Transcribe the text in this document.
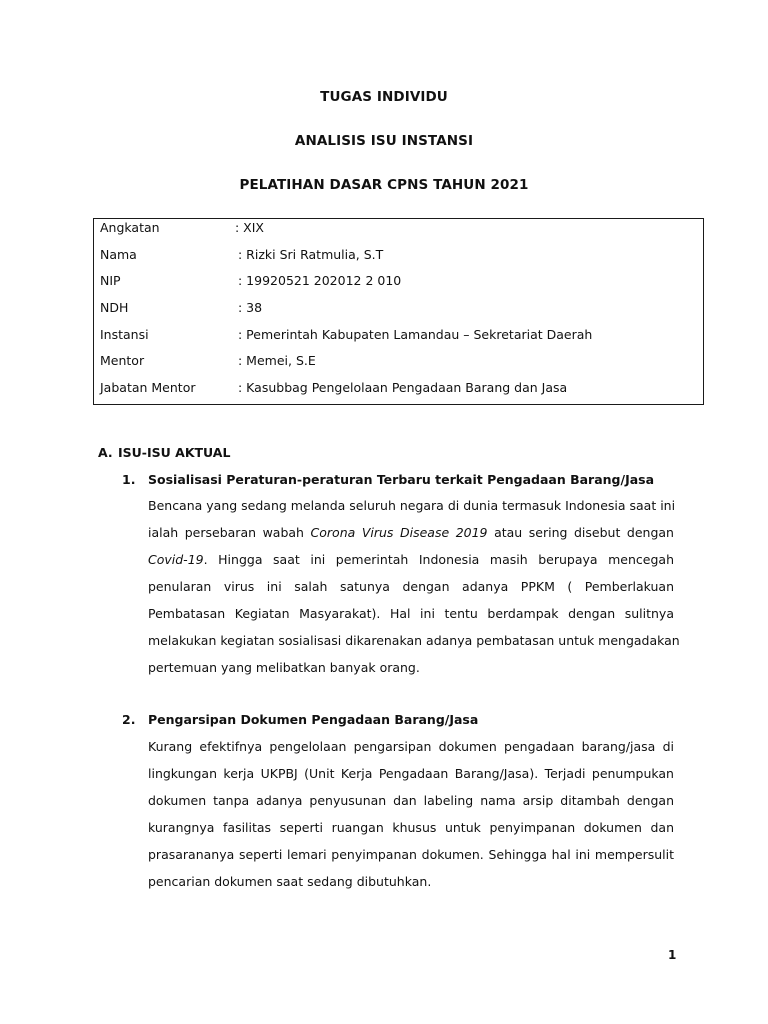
TUGAS INDIVIDU
ANALISIS ISU INSTANSI
PELATIHAN DASAR CPNS TAHUN 2021
Angkatan	: XIX
Nama	: Rizki Sri Ratmulia, S.T
NIP	: 19920521 202012 2 010
NDH	: 38
Instansi	: Pemerintah Kabupaten Lamandau – Sekretariat Daerah
Mentor	: Memei, S.E
Jabatan Mentor	: Kasubbag Pengelolaan Pengadaan Barang dan Jasa
A. ISU-ISU AKTUAL
1. Sosialisasi Peraturan-peraturan Terbaru terkait Pengadaan Barang/Jasa
Bencana yang sedang melanda seluruh negara di dunia termasuk Indonesia saat ini
ialah persebaran wabah Corona Virus Disease 2019 atau sering disebut dengan
Covid-19. Hingga saat ini pemerintah Indonesia masih berupaya mencegah
penularan virus ini salah satunya dengan adanya PPKM ( Pemberlakuan
Pembatasan Kegiatan Masyarakat). Hal ini tentu berdampak dengan sulitnya
melakukan kegiatan sosialisasi dikarenakan adanya pembatasan untuk mengadakan
pertemuan yang melibatkan banyak orang.
2. Pengarsipan Dokumen Pengadaan Barang/Jasa
Kurang efektifnya pengelolaan pengarsipan dokumen pengadaan barang/jasa di
lingkungan kerja UKPBJ (Unit Kerja Pengadaan Barang/Jasa). Terjadi penumpukan
dokumen tanpa adanya penyusunan dan labeling nama arsip ditambah dengan
kurangnya fasilitas seperti ruangan khusus untuk penyimpanan dokumen dan
prasarananya seperti lemari penyimpanan dokumen. Sehingga hal ini mempersulit
pencarian dokumen saat sedang dibutuhkan.
1
